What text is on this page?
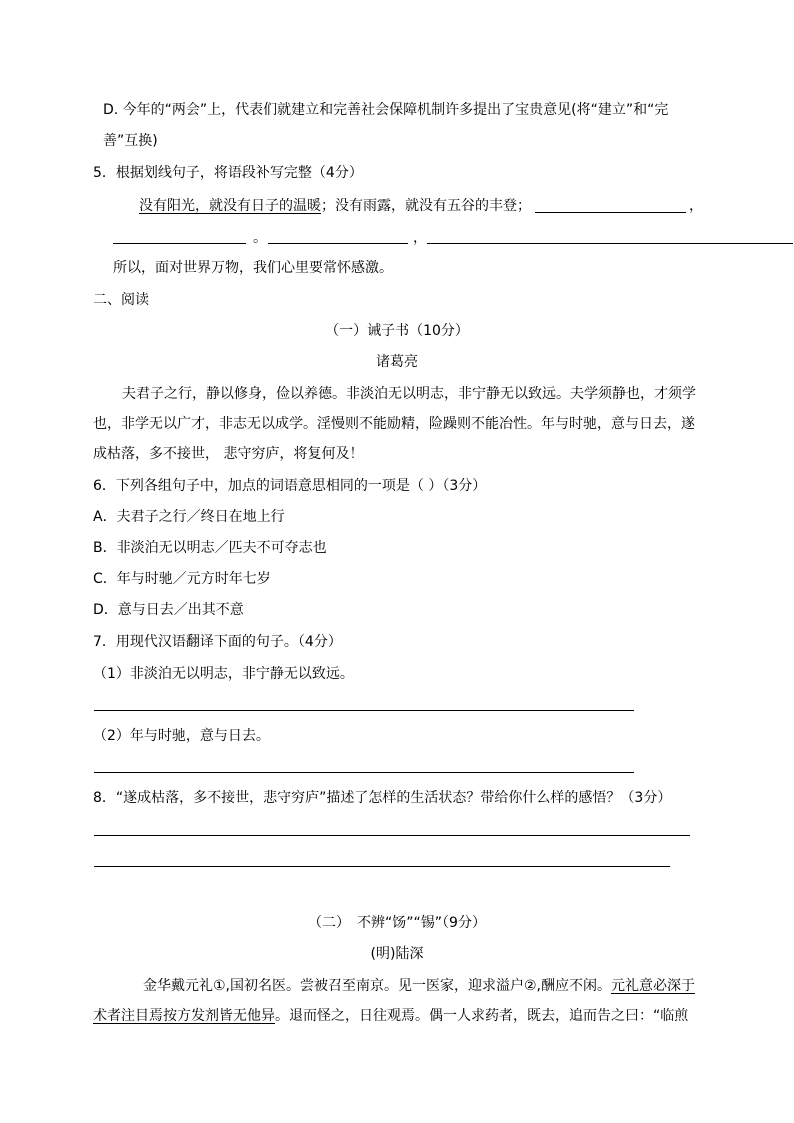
D. 今年的“两会”上，代表们就建立和完善社会保障机制许多提出了宝贵意见(将“建立”和“完
善”互换)
5．根据划线句子，将语段补写完整（4分）
没有阳光，就没有日子的温暖；没有雨露，就没有五谷的丰登；	，
。	，
所以，面对世界万物，我们心里要常怀感激。
二、阅读
（一）诫子书（10分）
诸葛亮
夫君子之行，静以修身，俭以养德。非淡泊无以明志，非宁静无以致远。夫学须静也，才须学
也，非学无以广才，非志无以成学。淫慢则不能励精，险躁则不能冶性。年与时驰，意与日去，遂
成枯落，多不接世， 悲守穷庐，将复何及！
6．下列各组句子中，加点的词语意思相同的一项是（ ）（3分）
A．夫君子之行／终日在地上行
B．非淡泊无以明志／匹夫不可夺志也
C．年与时驰／元方时年七岁
D．意与日去／出其不意
7．用现代汉语翻译下面的句子。（4分）
（1）非淡泊无以明志，非宁静无以致远。
（2）年与时驰，意与日去。
8．“遂成枯落，多不接世，悲守穷庐”描述了怎样的生活状态？带给你什么样的感悟？（3分）
（二）　不辨“饧”“锡”（9分）
(明)陆深
金华戴元礼①,国初名医。尝被召至南京。见一医家，迎求溢户②,酬应不闲。元礼意必深于
术者注目焉按方发剂皆无他异。退而怪之，日往观焉。偶一人求药者，既去，追而告之曰：“临煎
